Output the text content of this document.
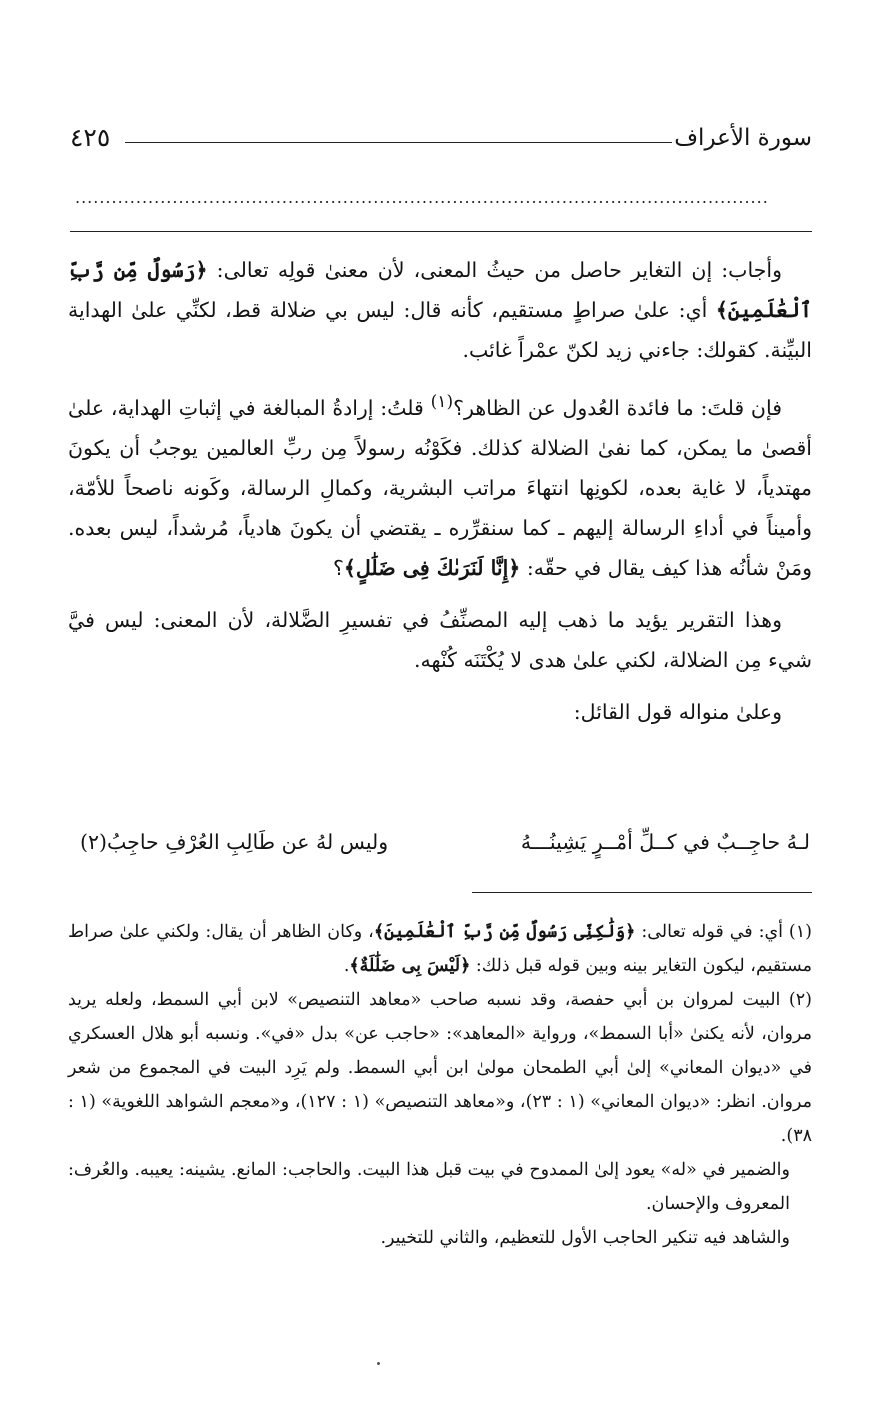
سورة الأعراف
٤٢٥
..................................................................................................................

وأجاب: إن التغاير حاصل من حيثُ المعنى، لأن معنىٰ قولِه تعالى: ﴿رَسُولٌ مِّن رَّبِّ ٱلْعَٰلَمِينَ﴾ أي: علىٰ صراطٍ مستقيم، كأنه قال: ليس بي ضلالة قط، لكنِّي علىٰ الهداية البيِّنة. كقولك: جاءني زيد لكنّ عمْراً غائب.

فإن قلتَ: ما فائدة العُدول عن الظاهر؟$^{(١)}$ قلتُ: إرادةُ المبالغة في إثباتِ الهداية، علىٰ أقصىٰ ما يمكن، كما نفىٰ الضلالة كذلك. فكَوْنُه رسولاً مِن ربِّ العالمين يوجبُ أن يكونَ مهتدياً، لا غاية بعده، لكونِها انتهاءَ مراتب البشرية، وكمالِ الرسالة، وكَونه ناصحاً للأمّة، وأميناً في أداءِ الرسالة إليهم ـ كما سنقرِّره ـ يقتضي أن يكونَ هادياً، مُرشداً، ليس بعده. ومَنْ شأنُه هذا كيف يقال في حقّه: ﴿إِنَّا لَنَرَىٰكَ فِى ضَلَٰلٍ﴾؟

وهذا التقرير يؤيد ما ذهب إليه المصنِّفُ في تفسيرِ الضَّلالة، لأن المعنى: ليس فيَّ شيء مِن الضلالة، لكني علىٰ هدى لا يُكْتَنَه كُنْهه.

وعلىٰ منواله قول القائل:

لـهُ حاجِــبٌ في كــلِّ أمْــرٍ يَشِينُـــهُ
وليس لهُ عن طَالِبِ العُرْفِ حاجِبُ(٢)

(١) أي: في قوله تعالى: ﴿وَلَٰكِنِّى رَسُولٌ مِّن رَّبِّ ٱلْعَٰلَمِينَ﴾، وكان الظاهر أن يقال: ولكني علىٰ صراط مستقيم، ليكون التغاير بينه وبين قوله قبل ذلك: ﴿لَيْسَ بِى ضَلَٰلَةٌ﴾.

(٢) البيت لمروان بن أبي حفصة، وقد نسبه صاحب «معاهد التنصيص» لابن أبي السمط، ولعله يريد مروان، لأنه يكنىٰ «أبا السمط»، ورواية «المعاهد»: «حاجب عن» بدل «في». ونسبه أبو هلال العسكري في «ديوان المعاني» إلىٰ أبي الطمحان مولىٰ ابن أبي السمط. ولم يَرِد البيت في المجموع من شعر مروان. انظر: «ديوان المعاني» (١ : ٢٣)، و«معاهد التنصيص» (١ : ١٢٧)، و«معجم الشواهد اللغوية» (١ : ٣٨).

والضمير في «له» يعود إلىٰ الممدوح في بيت قبل هذا البيت. والحاجب: المانع. يشينه: يعيبه. والعُرف: المعروف والإحسان.

والشاهد فيه تنكير الحاجب الأول للتعظيم، والثاني للتخيير.
